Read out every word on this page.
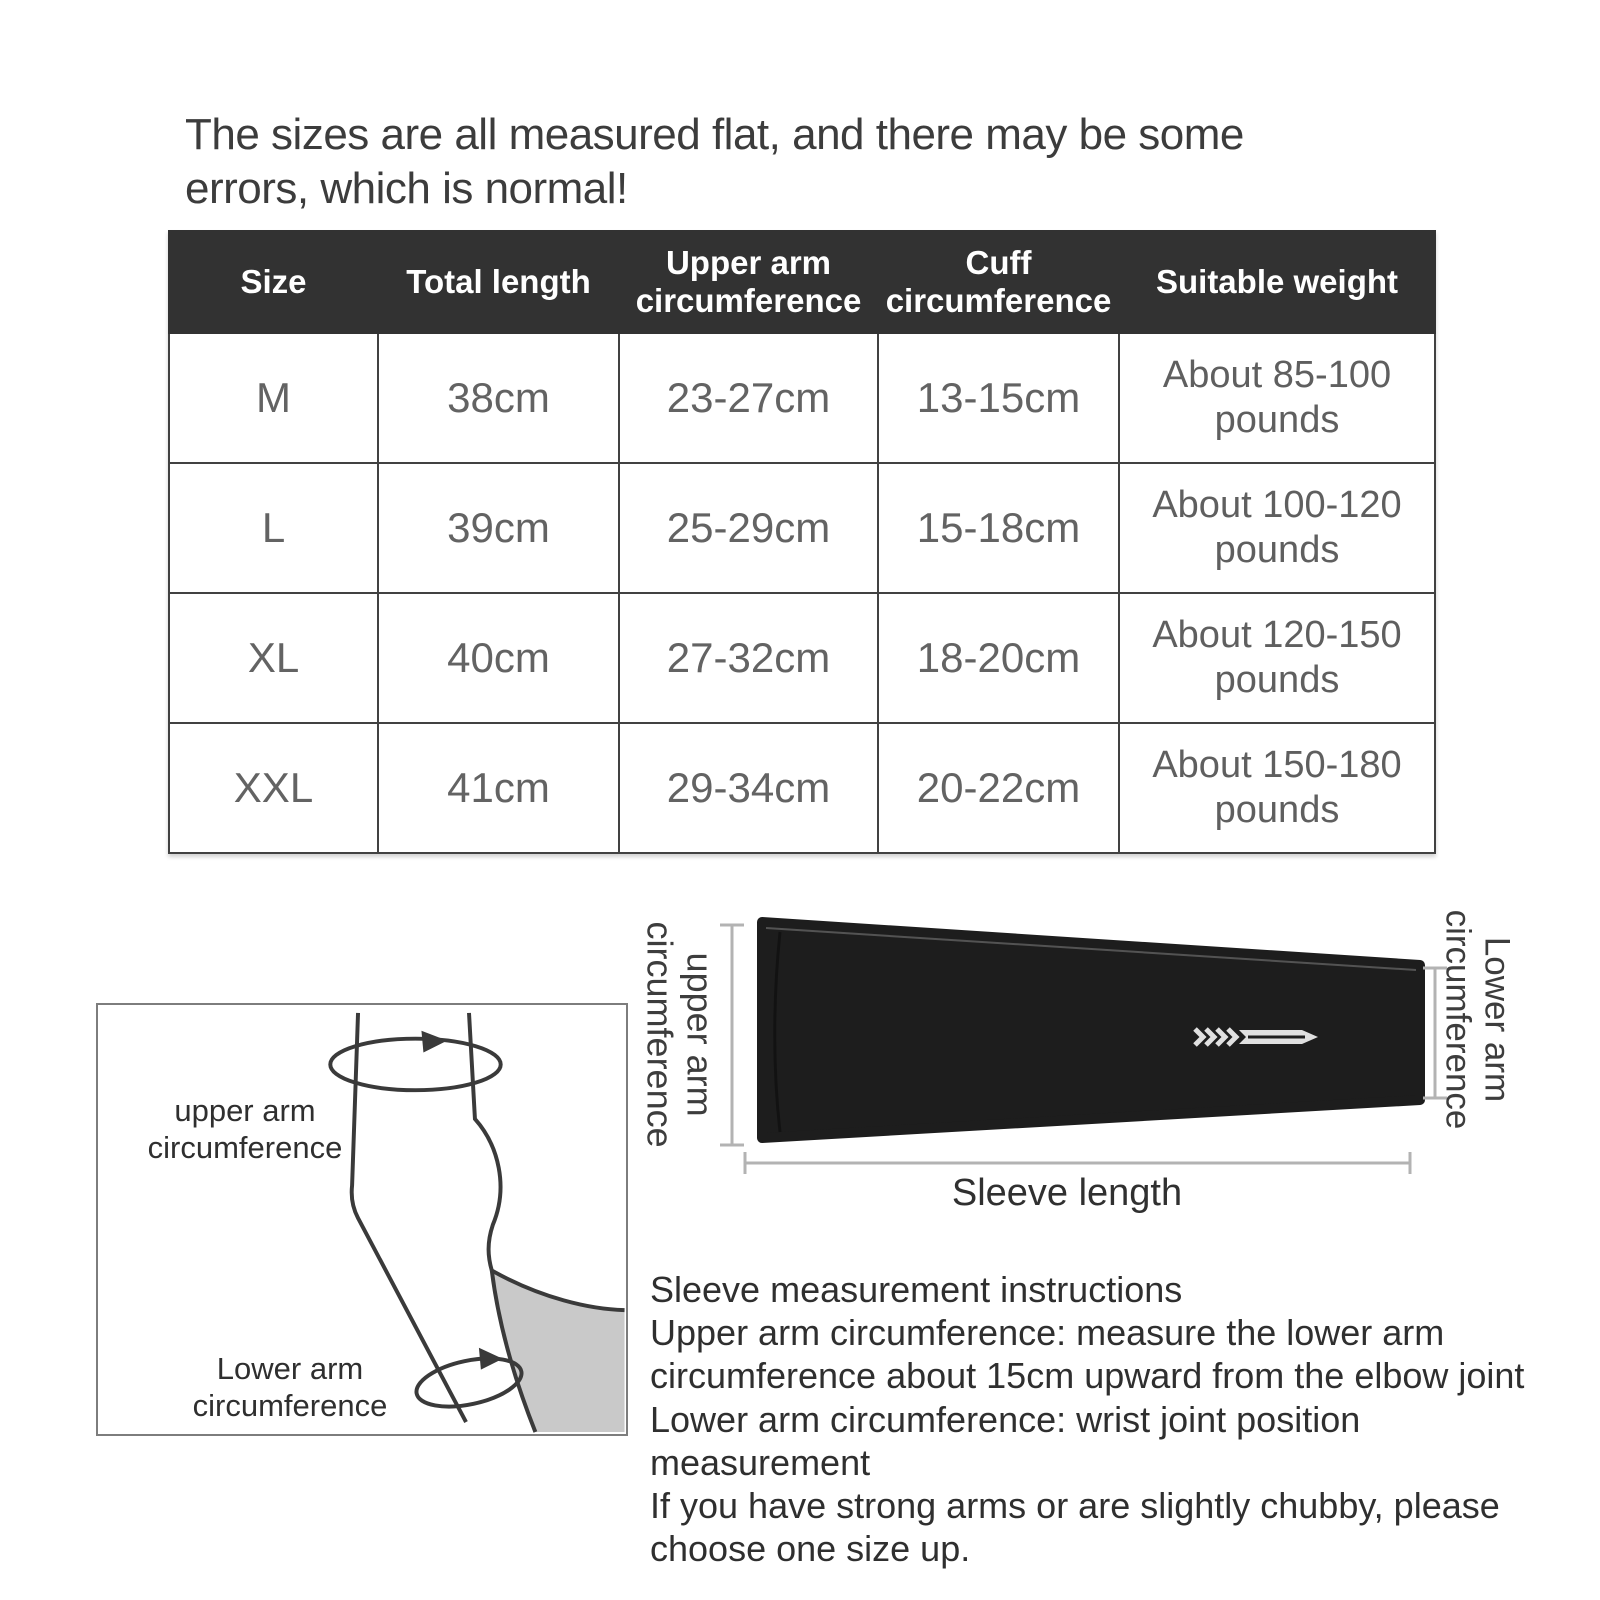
The sizes are all measured flat, and there may be some
errors, which is normal!
Size	Total length	Upper arm circumference	Cuff circumference	Suitable weight
M	38cm	23-27cm	13-15cm	About 85-100 pounds
L	39cm	25-29cm	15-18cm	About 100-120 pounds
XL	40cm	27-32cm	18-20cm	About 120-150 pounds
XXL	41cm	29-34cm	20-22cm	About 150-180 pounds
upper arm
circumference	Lower arm
circumference
Sleeve length
upper arm
circumference
Lower arm
circumference
Sleeve measurement instructions
Upper arm circumference: measure the lower arm circumference about 15cm upward from the elbow joint
Lower arm circumference: wrist joint position measurement
If you have strong arms or are slightly chubby, please choose one size up.
